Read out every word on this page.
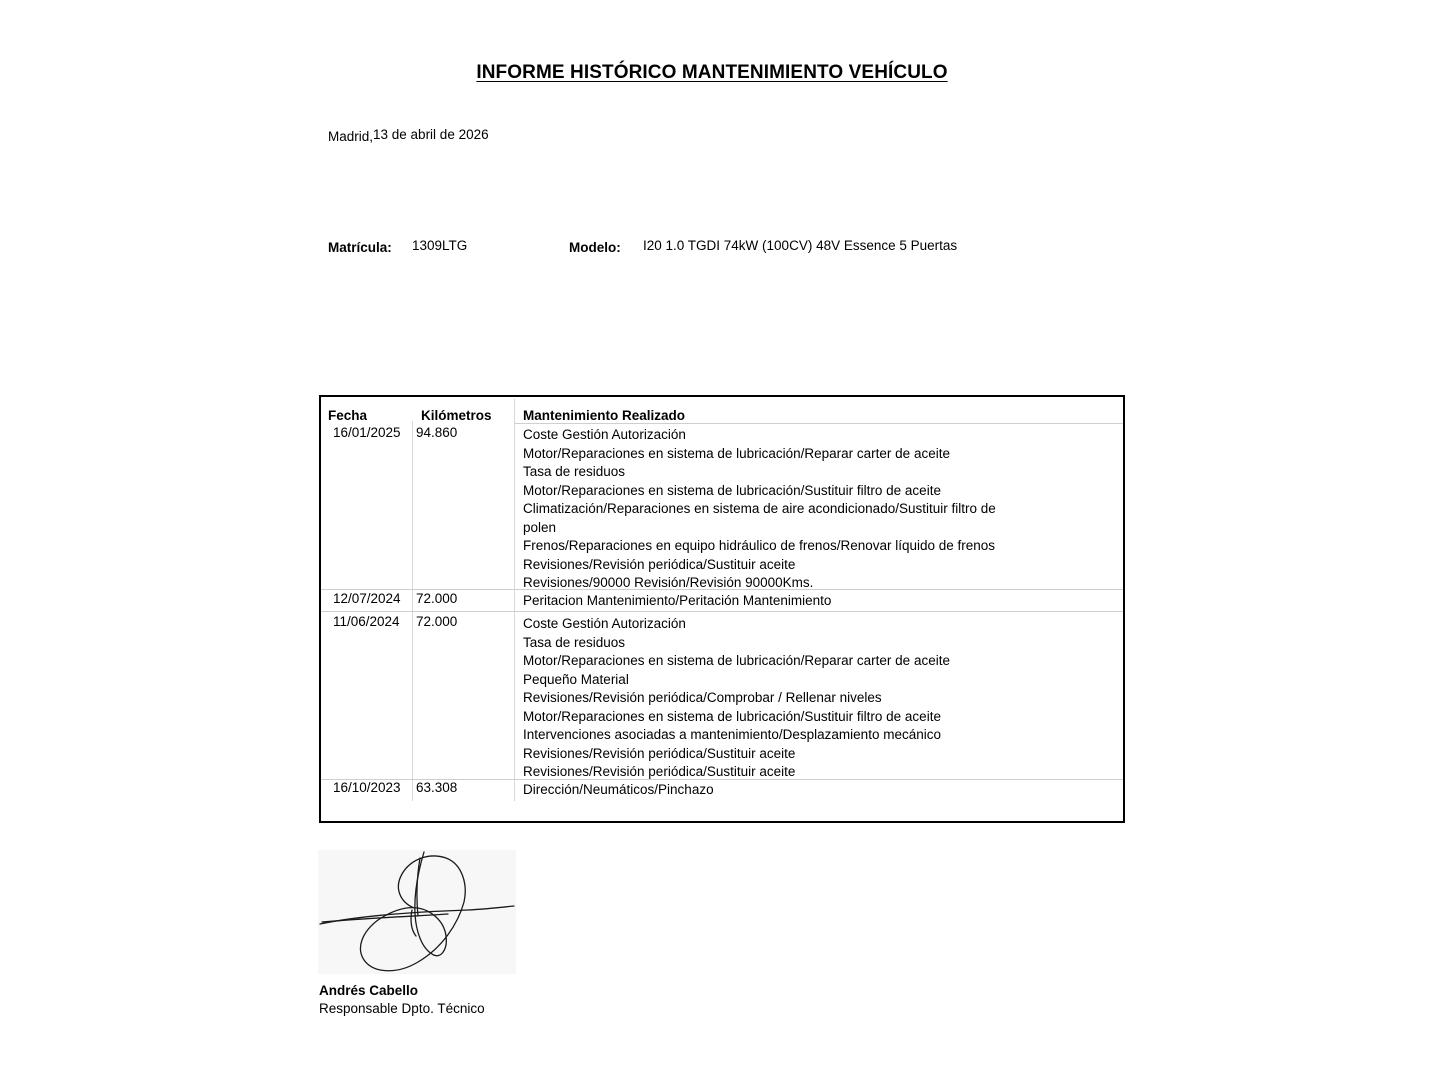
INFORME HISTÓRICO MANTENIMIENTO VEHÍCULO
Madrid,13 de abril de 2026
Matrícula: 1309LTG	Modelo: I20 1.0 TGDI 74kW (100CV) 48V Essence 5 Puertas
Fecha	Kilómetros Mantenimiento Realizado
16/01/2025 94.860	Coste Gestión Autorización
Motor/Reparaciones en sistema de lubricación/Reparar carter de aceite
Tasa de residuos
Motor/Reparaciones en sistema de lubricación/Sustituir filtro de aceite
Climatización/Reparaciones en sistema de aire acondicionado/Sustituir filtro de
polen
Frenos/Reparaciones en equipo hidráulico de frenos/Renovar líquido de frenos
Revisiones/Revisión periódica/Sustituir aceite
Revisiones/90000 Revisión/Revisión 90000Kms.
12/07/2024 72.000	Peritacion Mantenimiento/Peritación Mantenimiento
11/06/2024 72.000	Coste Gestión Autorización
Tasa de residuos
Motor/Reparaciones en sistema de lubricación/Reparar carter de aceite
Pequeño Material
Revisiones/Revisión periódica/Comprobar / Rellenar niveles
Motor/Reparaciones en sistema de lubricación/Sustituir filtro de aceite
Intervenciones asociadas a mantenimiento/Desplazamiento mecánico
Revisiones/Revisión periódica/Sustituir aceite
Revisiones/Revisión periódica/Sustituir aceite
16/10/2023 63.308	Dirección/Neumáticos/Pinchazo
Andrés Cabello
Responsable Dpto. Técnico
